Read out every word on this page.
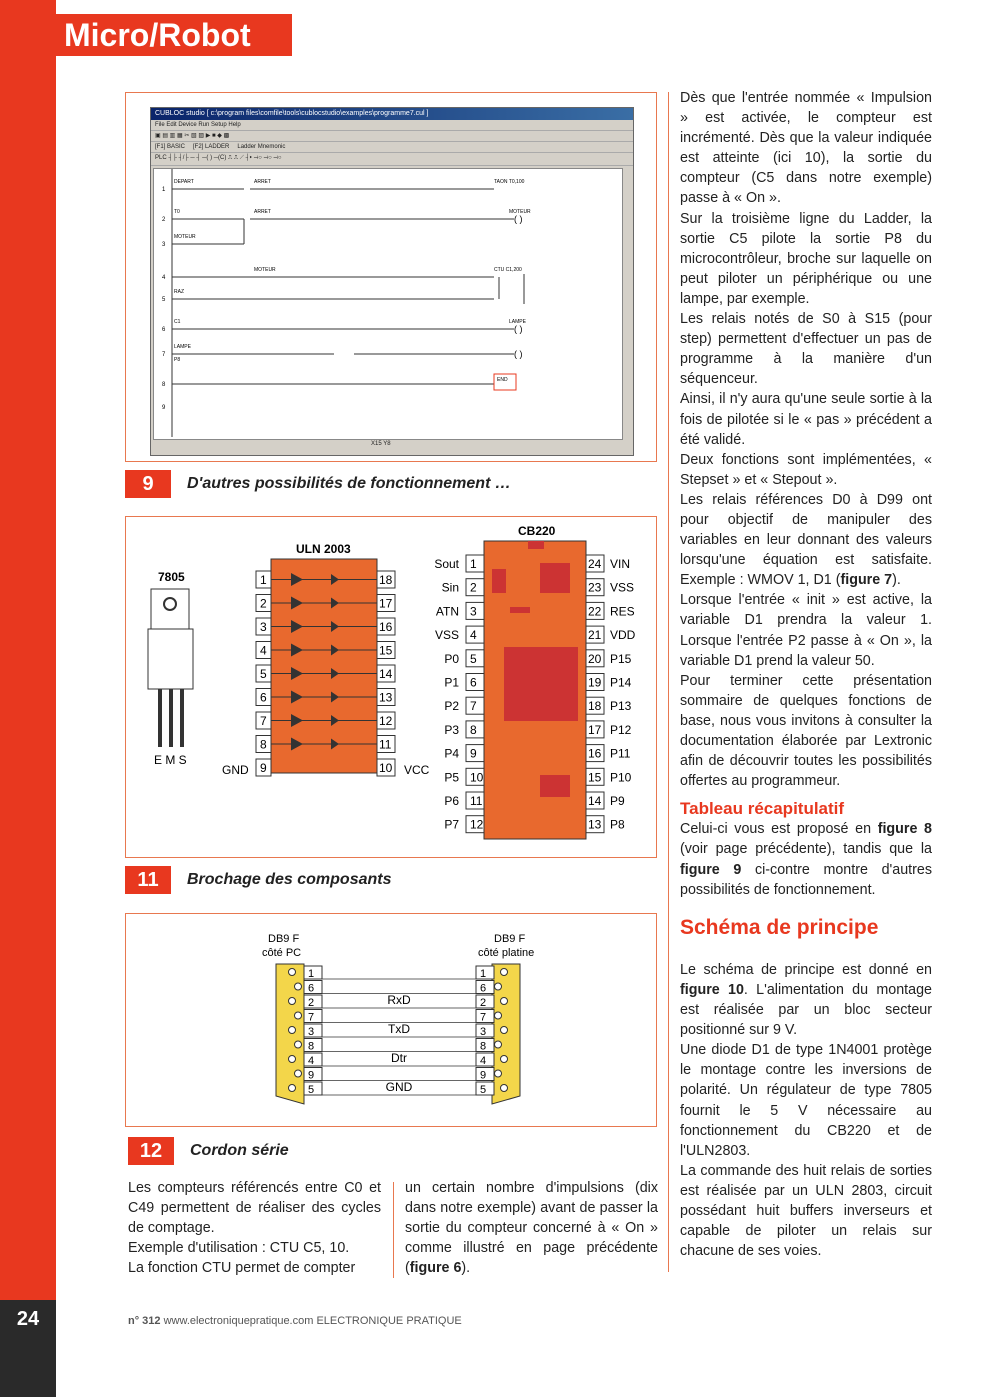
24
Micro/Robot
CUBLOC studio [ c:\program files\comfile\tools\cublocstudio\examples\programme7.cul ]
File Edit Device Run Setup Help
▣ ▤ ▥ ▦ ✂ ▧ ▨ ▶ ■ ◆ ▩
[F1] BASIC [F2] LADDER Ladder Mnemonic
PLC ┤├ ┤/├ ─ ┤ ─( ) ─(C) ⎍ ⎍ ⟋ ┤▸ ⊣○ ⊣○ ⊣○
1
2
3
4
5
6
7
8
9
DEPART	ARRET	TAON T0,100
T0	ARRET	MOTEUR
MOTEUR
MOTEUR	CTU C1,200
RAZ
C1	LAMPE
LAMPE
P8
END
( )
( )
( )
X15 Y8
9	D'autres possibilités de fonctionnement …
7805
E M S
ULN 2003
1	18
2	17
3	16
4	15
5	14
6	13
7	12
8	11
9	10
GND	VCC
CB220
Sout 1	24 VIN
Sin 2	23 VSS
ATN 3	22 RES
VSS 4	21 VDD
P0 5	20 P15
P1 6	19 P14
P2 7	18 P13
P3 8	17 P12
P4 9	16 P11
P5 10	15 P10
P6 11	14 P9
P7 12	13 P8
11	Brochage des composants
DB9 F
côté PC
DB9 F
côté platine
1	1
6	6
2	2
RxD
7	7
3	3
TxD
8	8
4	4
Dtr
9	9
5	5
GND
12	Cordon série

Les compteurs référencés entre C0 et C49 permettent de réaliser des cycles de comptage.

Exemple d'utilisation : CTU C5, 10.

La fonction CTU permet de compter

un certain nombre d'impulsions (dix dans notre exemple) avant de passer la sortie du compteur concerné à « On » comme illustré en page précédente (figure 6).

Dès que l'entrée nommée « Impulsion » est activée, le compteur est incrémenté. Dès que la valeur indiquée est atteinte (ici 10), la sortie du compteur (C5 dans notre exemple) passe à « On ».

Sur la troisième ligne du Ladder, la sortie C5 pilote la sortie P8 du microcontrôleur, broche sur laquelle on peut piloter un périphérique ou une lampe, par exemple.

Les relais notés de S0 à S15 (pour step) permettent d'effectuer un pas de programme à la manière d'un séquenceur.

Ainsi, il n'y aura qu'une seule sortie à la fois de pilotée si le « pas » précédent a été validé.

Deux fonctions sont implémentées, « Stepset » et « Stepout ».

Les relais références D0 à D99 ont pour objectif de manipuler des variables en leur donnant des valeurs lorsqu'une équation est satisfaite. Exemple : WMOV 1, D1 (figure 7).

Lorsque l'entrée « init » est active, la variable D1 prendra la valeur 1. Lorsque l'entrée P2 passe à « On », la variable D1 prend la valeur 50.

Pour terminer cette présentation sommaire de quelques fonctions de base, nous vous invitons à consulter la documentation élaborée par Lextronic afin de découvrir toutes les possibilités offertes au programmeur.

Tableau récapitulatif

Celui-ci vous est proposé en figure 8 (voir page précédente), tandis que la figure 9 ci-contre montre d'autres possibilités de fonctionnement.

Schéma de principe

Le schéma de principe est donné en figure 10. L'alimentation du montage est réalisée par un bloc secteur positionné sur 9 V.

Une diode D1 de type 1N4001 protège le montage contre les inversions de polarité. Un régulateur de type 7805 fournit le 5 V nécessaire au fonctionnement du CB220 et de l'ULN2803.

La commande des huit relais de sorties est réalisée par un ULN 2803, circuit possédant huit buffers inverseurs et capable de piloter un relais sur chacune de ses voies.

n° 312 www.electroniquepratique.com ELECTRONIQUE PRATIQUE
